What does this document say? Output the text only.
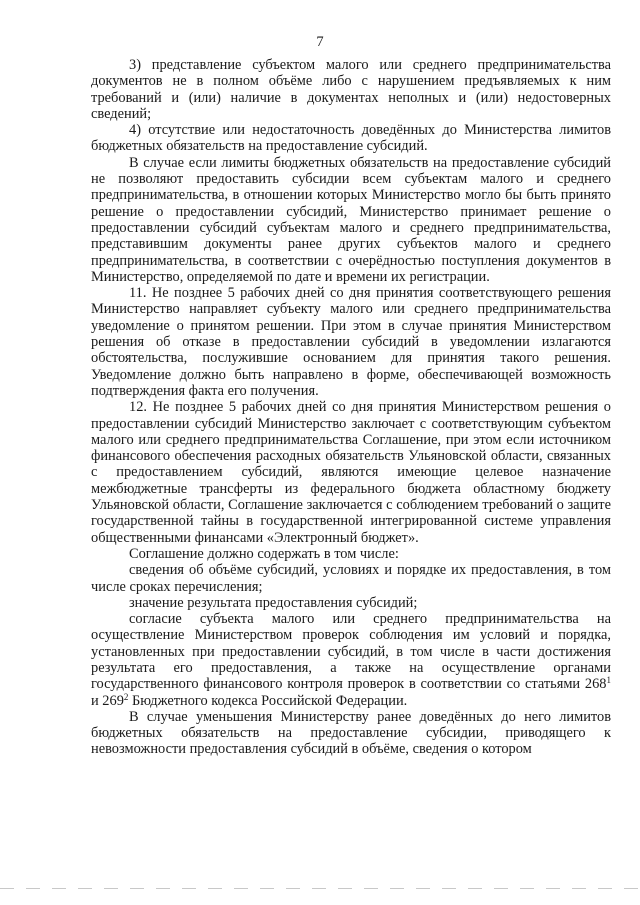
7

3) представление субъектом малого или среднего предпринимательства документов не в полном объёме либо с нарушением предъявляемых к ним требований и (или) наличие в документах неполных и (или) недостоверных сведений;

4) отсутствие или недостаточность доведённых до Министерства лимитов бюджетных обязательств на предоставление субсидий.

В случае если лимиты бюджетных обязательств на предоставление субсидий не позволяют предоставить субсидии всем субъектам малого и среднего предпринимательства, в отношении которых Министерство могло бы быть принято решение о предоставлении субсидий, Министерство принимает решение о предоставлении субсидий субъектам малого и среднего предпринимательства, представившим документы ранее других субъектов малого и среднего предпринимательства, в соответствии с очерёдностью поступления документов в Министерство, определяемой по дате и времени их регистрации.

11. Не позднее 5 рабочих дней со дня принятия соответствующего решения Министерство направляет субъекту малого или среднего предпринимательства уведомление о принятом решении. При этом в случае принятия Министерством решения об отказе в предоставлении субсидий в уведомлении излагаются обстоятельства, послужившие основанием для принятия такого решения. Уведомление должно быть направлено в форме, обеспечивающей возможность подтверждения факта его получения.

12. Не позднее 5 рабочих дней со дня принятия Министерством решения о предоставлении субсидий Министерство заключает с соответствующим субъектом малого или среднего предпринимательства Соглашение, при этом если источником финансового обеспечения расходных обязательств Ульяновской области, связанных с предоставлением субсидий, являются имеющие целевое назначение межбюджетные трансферты из федерального бюджета областному бюджету Ульяновской области, Соглашение заключается с соблюдением требований о защите государственной тайны в государственной интегрированной системе управления общественными финансами «Электронный бюджет».

Соглашение должно содержать в том числе:

сведения об объёме субсидий, условиях и порядке их предоставления, в том числе сроках перечисления;

значение результата предоставления субсидий;

согласие субъекта малого или среднего предпринимательства на осуществление Министерством проверок соблюдения им условий и порядка, установленных при предоставлении субсидий, в том числе в части достижения результата его предоставления, а также на осуществление органами государственного финансового контроля проверок в соответствии со статьями $268^1$ и $269^2$ Бюджетного кодекса Российской Федерации.

В случае уменьшения Министерству ранее доведённых до него лимитов бюджетных обязательств на предоставление субсидии, приводящего к невозможности предоставления субсидий в объёме, сведения о котором
